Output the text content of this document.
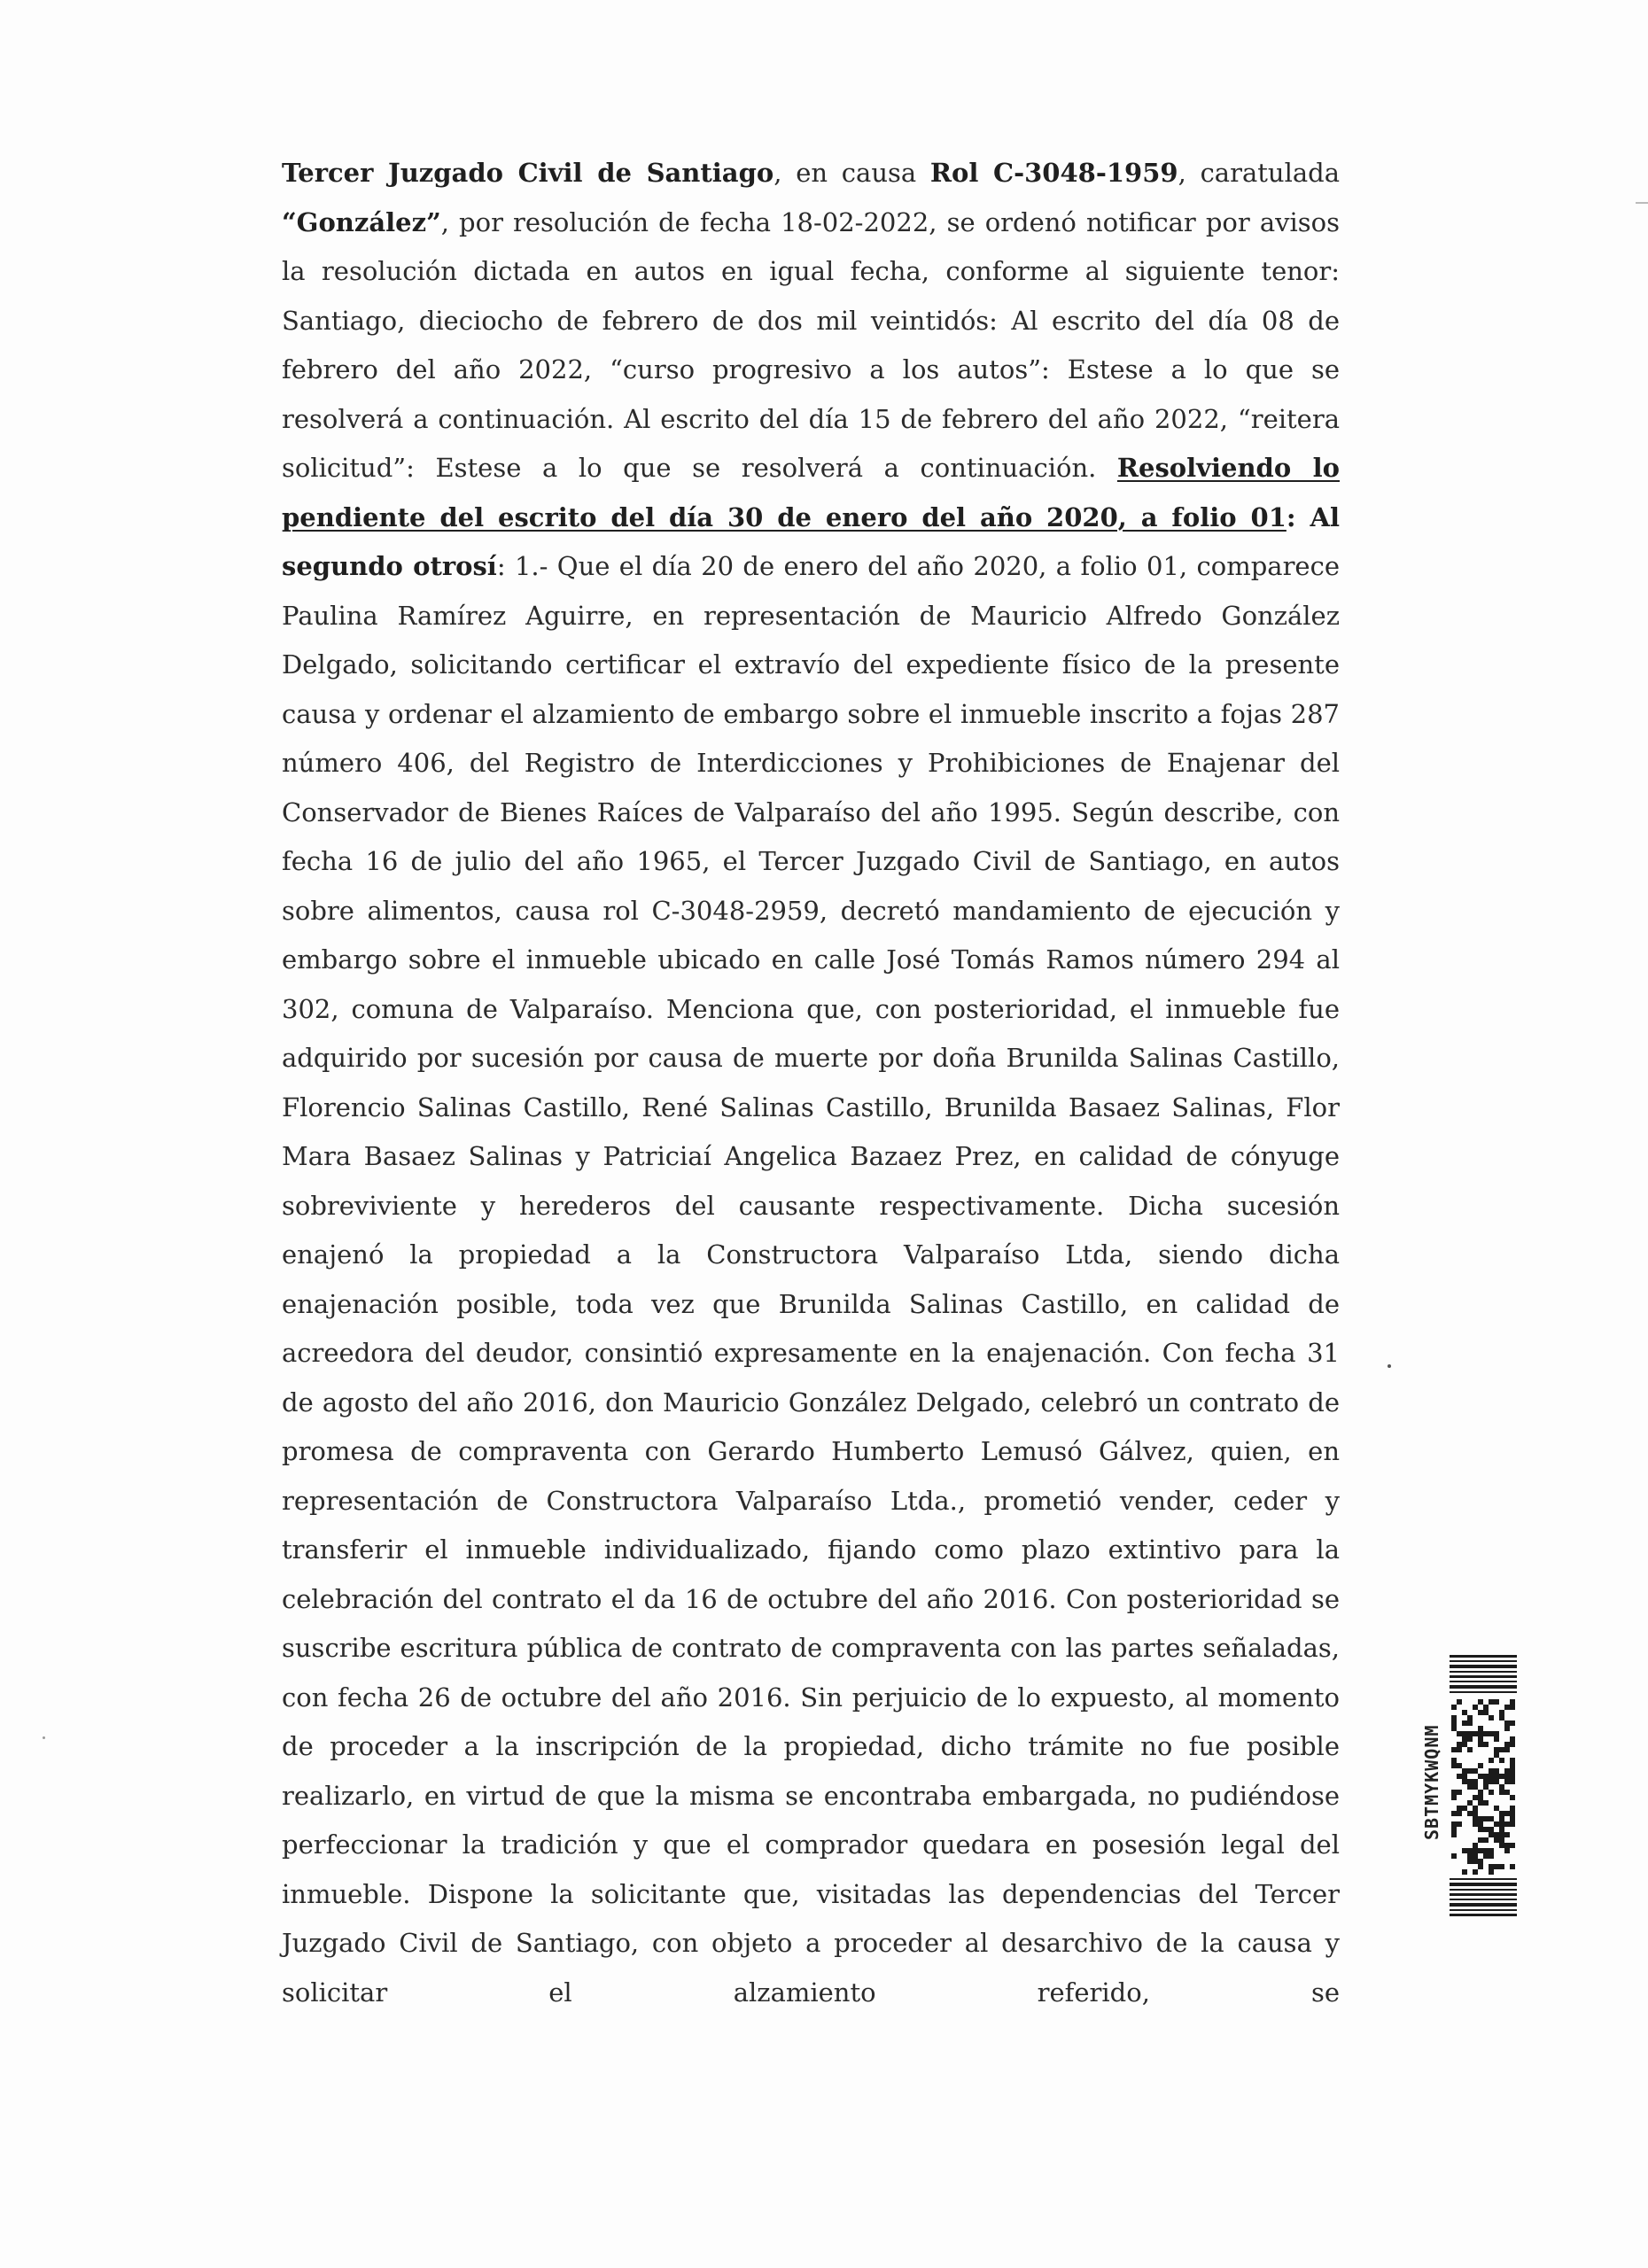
Tercer Juzgado Civil de Santiago, en causa Rol C-3048-1959, caratulada “González”, por resolución de fecha 18-02-2022, se ordenó notificar por avisos la resolución dictada en autos en igual fecha, conforme al siguiente tenor: Santiago, dieciocho de febrero de dos mil veintidós: Al escrito del día 08 de febrero del año 2022, “curso progresivo a los autos”: Estese a lo que se resolverá a continuación. Al escrito del día 15 de febrero del año 2022, “reitera solicitud”: Estese a lo que se resolverá a continuación. Resolviendo lo pendiente del escrito del día 30 de enero del año 2020, a folio 01: Al segundo otrosí: 1.- Que el día 20 de enero del año 2020, a folio 01, comparece Paulina Ramírez Aguirre, en representación de Mauricio Alfredo González Delgado, solicitando certificar el extravío del expediente físico de la presente causa y ordenar el alzamiento de embargo sobre el inmueble inscrito a fojas 287 número 406, del Registro de Interdicciones y Prohibiciones de Enajenar del Conservador de Bienes Raíces de Valparaíso del año 1995. Según describe, con fecha 16 de julio del año 1965, el Tercer Juzgado Civil de Santiago, en autos sobre alimentos, causa rol C-3048-2959, decretó mandamiento de ejecución y embargo sobre el inmueble ubicado en calle José Tomás Ramos número 294 al 302, comuna de Valparaíso. Menciona que, con posterioridad, el inmueble fue adquirido por sucesión por causa de muerte por doña Brunilda Salinas Castillo, Florencio Salinas Castillo, René Salinas Castillo, Brunilda Basaez Salinas, Flor Mara Basaez Salinas y Patriciaí Angelica Bazaez Prez, en calidad de cónyuge sobreviviente y herederos del causante respectivamente. Dicha sucesión enajenó la propiedad a la Constructora Valparaíso Ltda, siendo dicha enajenación posible, toda vez que Brunilda Salinas Castillo, en calidad de acreedora del deudor, consintió expresamente en la enajenación. Con fecha 31 de agosto del año 2016, don Mauricio González Delgado, celebró un contrato de promesa de compraventa con Gerardo Humberto Lemusó Gálvez, quien, en representación de Constructora Valparaíso Ltda., prometió vender, ceder y transferir el inmueble individualizado, fijando como plazo extintivo para la celebración del contrato el da 16 de octubre del año 2016. Con posterioridad se suscribe escritura pública de contrato de compraventa con las partes señaladas, con fecha 26 de octubre del año 2016. Sin perjuicio de lo expuesto, al momento de proceder a la inscripción de la propiedad, dicho trámite no fue posible realizarlo, en virtud de que la misma se encontraba embargada, no pudiéndose perfeccionar la tradición y que el comprador quedara en posesión legal del inmueble. Dispone la solicitante que, visitadas las dependencias del Tercer Juzgado Civil de Santiago, con objeto a proceder al desarchivo de la causa y solicitar el alzamiento referido, se

SBTMYKWQNM
